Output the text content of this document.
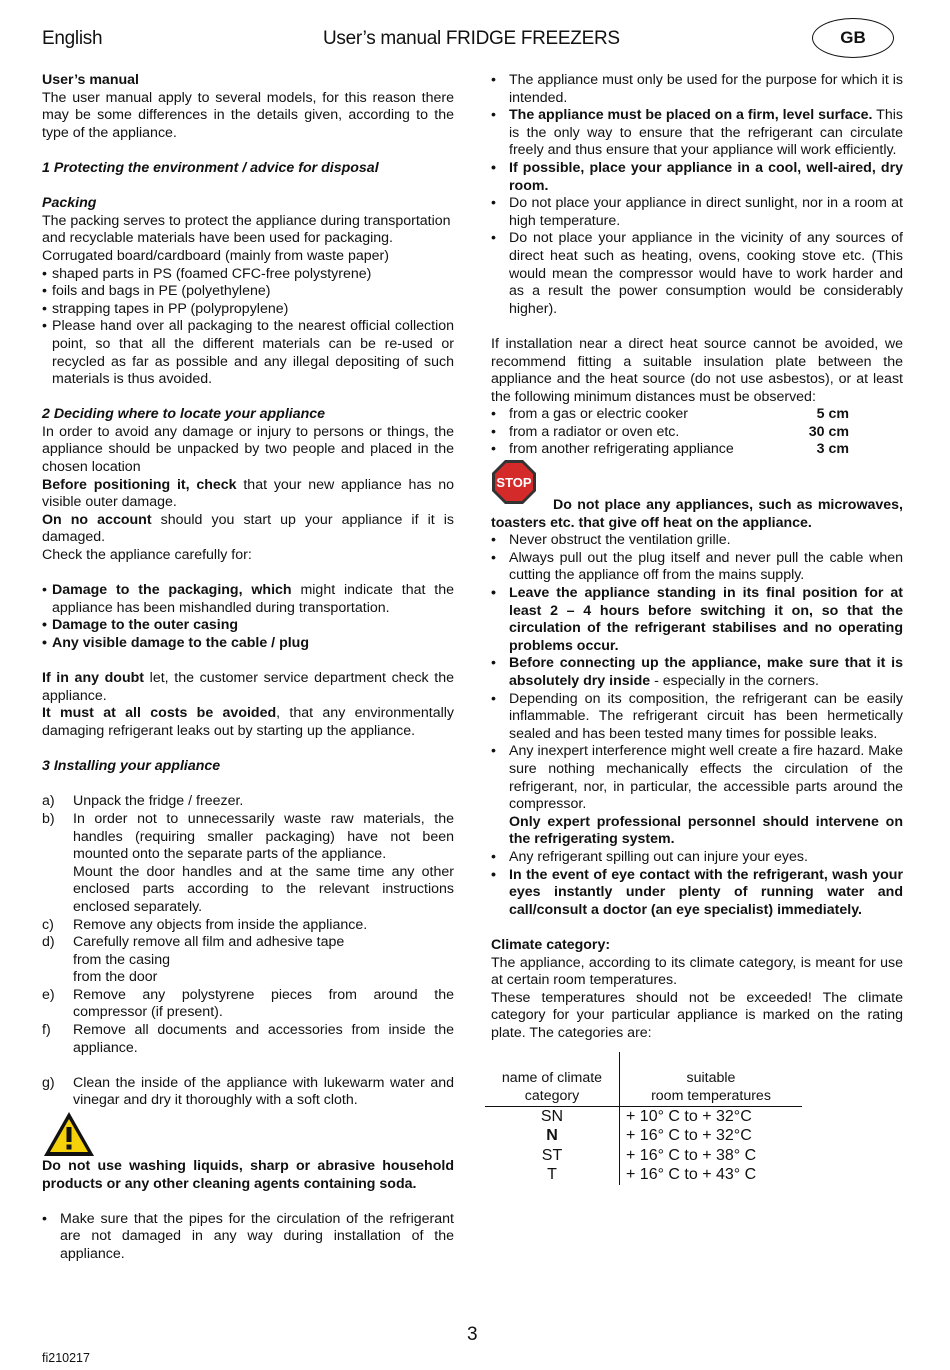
English	User’s manual FRIDGE FREEZERS	GB

User’s manual

The user manual apply to several models, for this reason there may be some differences in the details given, according to the type of the appliance.

1 Protecting the environment / advice for disposal

Packing

The packing serves to protect the appliance during transportation and recyclable materials have been used for packaging.

Corrugated board/cardboard (mainly from waste paper)

• shaped parts in PS (foamed CFC-free polystyrene)
• foils and bags in PE (polyethylene)
• strapping tapes in PP (polypropylene)
• Please hand over all packaging to the nearest official collection point, so that all the different materials can be re-used or recycled as far as possible and any illegal depositing of such materials is thus avoided.

2 Deciding where to locate your appliance

In order to avoid any damage or injury to persons or things, the appliance should be unpacked by two people and placed in the chosen location

Before positioning it, check that your new appliance has no visible outer damage.

On no account should you start up your appliance if it is damaged.

Check the appliance carefully for:

• Damage to the packaging, which might indicate that the appliance has been mishandled during transportation.
• Damage to the outer casing
• Any visible damage to the cable / plug

If in any doubt let, the customer service department check the appliance.

It must at all costs be avoided, that any environmentally damaging refrigerant leaks out by starting up the appliance.

3 Installing your appliance

a) Unpack the fridge / freezer.
b) In order not to unnecessarily waste raw materials, the handles (requiring smaller packaging) have not been mounted onto the separate parts of the appliance.
Mount the door handles and at the same time any other enclosed parts according to the relevant instructions enclosed separately.
c) Remove any objects from inside the appliance.
d) Carefully remove all film and adhesive tape
from the casing
from the door
e) Remove any polystyrene pieces from around the compressor (if present).
f) Remove all documents and accessories from inside the appliance.
g) Clean the inside of the appliance with lukewarm water and vinegar and dry it thoroughly with a soft cloth.

Do not use washing liquids, sharp or abrasive household products or any other cleaning agents containing soda.

• Make sure that the pipes for the circulation of the refrigerant are not damaged in any way during installation of the appliance.
• The appliance must only be used for the purpose for which it is intended.
• The appliance must be placed on a firm, level surface. This is the only way to ensure that the refrigerant can circulate freely and thus ensure that your appliance will work efficiently.
• If possible, place your appliance in a cool, well-aired, dry room.
• Do not place your appliance in direct sunlight, nor in a room at high temperature.
• Do not place your appliance in the vicinity of any sources of direct heat such as heating, ovens, cooking stove etc. (This would mean the compressor would have to work harder and as a result the power consumption would be considerably higher).

If installation near a direct heat source cannot be avoided, we recommend fitting a suitable insulation plate between the appliance and the heat source (do not use asbestos), or at least the following minimum distances must be observed:

• from a gas or electric cooker	5 cm
• from a radiator or oven etc.	30 cm
• from another refrigerating appliance	3 cm
STOP

Do not place any appliances, such as microwaves, toasters etc. that give off heat on the appliance.

• Never obstruct the ventilation grille.
• Always pull out the plug itself and never pull the cable when cutting the appliance off from the mains supply.
• Leave the appliance standing in its final position for at least 2 – 4 hours before switching it on, so that the circulation of the refrigerant stabilises and no operating problems occur.
• Before connecting up the appliance, make sure that it is absolutely dry inside - especially in the corners.
• Depending on its composition, the refrigerant can be easily inflammable. The refrigerant circuit has been hermetically sealed and has been tested many times for possible leaks.
• Any inexpert interference might well create a fire hazard. Make sure nothing mechanically effects the circulation of the refrigerant, nor, in particular, the accessible parts around the compressor.
Only expert professional personnel should intervene on the refrigerating system.
• Any refrigerant spilling out can injure your eyes.
• In the event of eye contact with the refrigerant, wash your eyes instantly under plenty of running water and call/consult a doctor (an eye specialist) immediately.

Climate category:

The appliance, according to its climate category, is meant for use at certain room temperatures.

These temperatures should not be exceeded! The climate category for your particular appliance is marked on the rating plate. The categories are:

name of climate
category	suitable
room temperatures
SN	+ 10° C to + 32°C
N	+ 16° C to + 32°C
ST	+ 16° C to + 38° C
T	+ 16° C to + 43° C
3
fi210217
